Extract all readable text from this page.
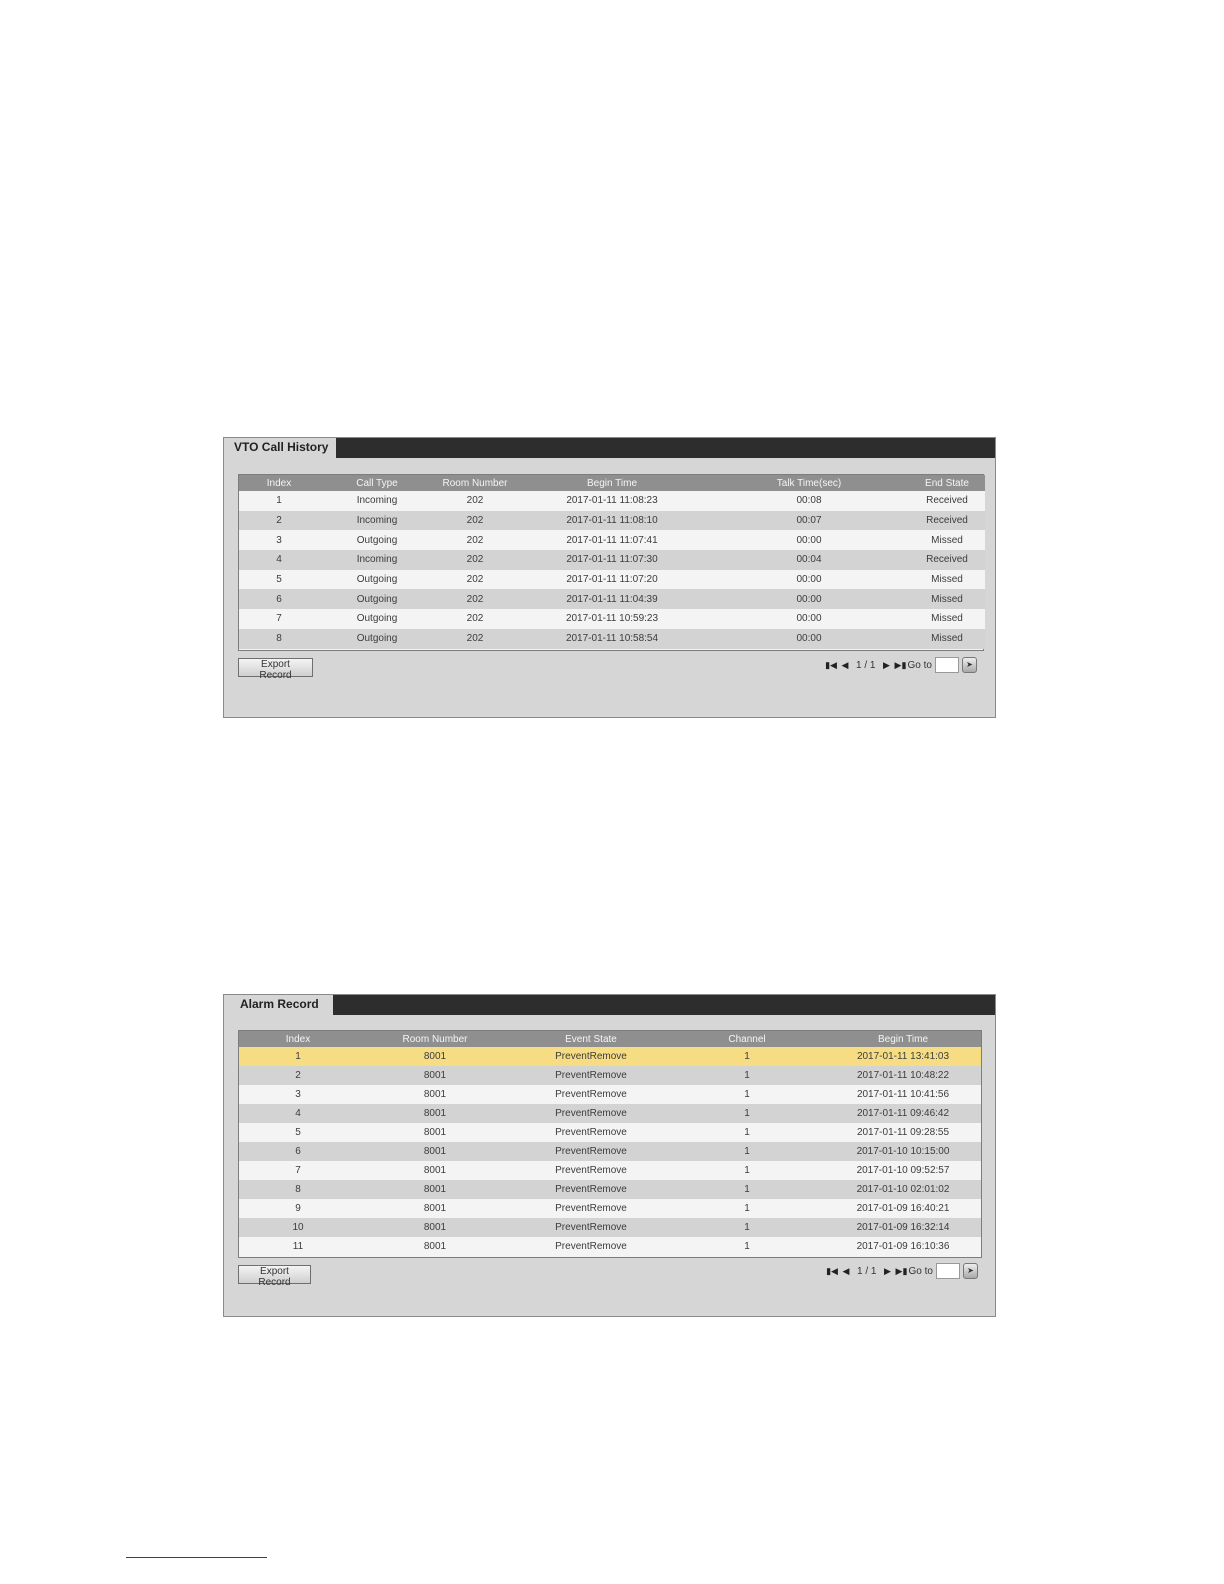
VTO Call History
Index	Call Type	Room Number	Begin Time	Talk Time(sec)	End State
1	Incoming	202	2017-01-11 11:08:23	00:08	Received
2	Incoming	202	2017-01-11 11:08:10	00:07	Received
3	Outgoing	202	2017-01-11 11:07:41	00:00	Missed
4	Incoming	202	2017-01-11 11:07:30	00:04	Received
5	Outgoing	202	2017-01-11 11:07:20	00:00	Missed
6	Outgoing	202	2017-01-11 11:04:39	00:00	Missed
7	Outgoing	202	2017-01-11 10:59:23	00:00	Missed
8	Outgoing	202	2017-01-11 10:58:54	00:00	Missed
Export Record
▮◀ ◀ 1 / 1 ▶ ▶▮ Go to	➤
Alarm Record
Index	Room Number	Event State	Channel	Begin Time
1	8001	PreventRemove	1	2017-01-11 13:41:03
2	8001	PreventRemove	1	2017-01-11 10:48:22
3	8001	PreventRemove	1	2017-01-11 10:41:56
4	8001	PreventRemove	1	2017-01-11 09:46:42
5	8001	PreventRemove	1	2017-01-11 09:28:55
6	8001	PreventRemove	1	2017-01-10 10:15:00
7	8001	PreventRemove	1	2017-01-10 09:52:57
8	8001	PreventRemove	1	2017-01-10 02:01:02
9	8001	PreventRemove	1	2017-01-09 16:40:21
10	8001	PreventRemove	1	2017-01-09 16:32:14
11	8001	PreventRemove	1	2017-01-09 16:10:36
Export Record
▮◀ ◀ 1 / 1 ▶ ▶▮ Go to	➤
